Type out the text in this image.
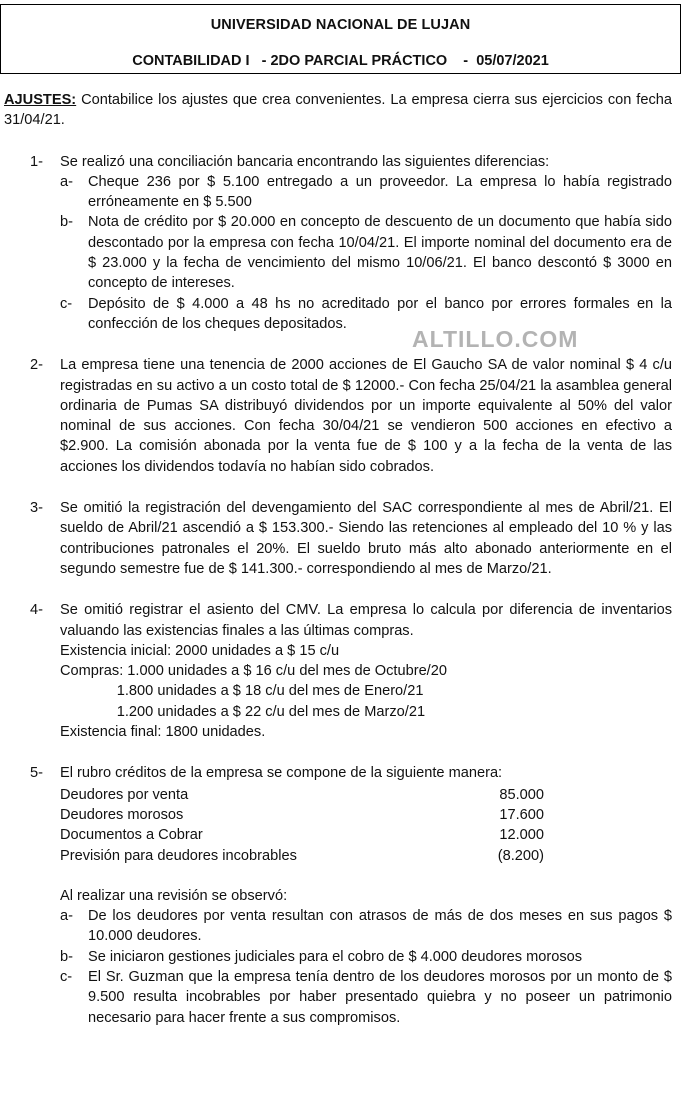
UNIVERSIDAD NACIONAL DE LUJAN
CONTABILIDAD I   - 2DO PARCIAL PRÁCTICO    -  05/07/2021

AJUSTES: Contabilice los ajustes que crea convenientes. La empresa cierra sus ejercicios con fecha 31/04/21.

1- Se realizó una conciliación bancaria encontrando las siguientes diferencias:

a- Cheque 236 por $ 5.100 entregado a un proveedor. La empresa lo había registrado erróneamente en $ 5.500

b- Nota de crédito por $ 20.000 en concepto de descuento de un documento que había sido descontado por la empresa con fecha 10/04/21. El importe nominal del documento era de $ 23.000 y la fecha de vencimiento del mismo 10/06/21. El banco descontó $ 3000 en concepto de intereses.

c- Depósito de $ 4.000 a 48 hs no acreditado por el banco por errores formales en la confección de los cheques depositados.

2- La empresa tiene una tenencia de 2000 acciones de El Gaucho SA de valor nominal $ 4 c/u registradas en su activo a un costo total de $ 12000.- Con fecha 25/04/21 la asamblea general ordinaria de Pumas SA distribuyó dividendos por un importe equivalente al 50% del valor nominal de sus acciones. Con fecha 30/04/21 se vendieron 500 acciones en efectivo a $2.900. La comisión abonada por la venta fue de $ 100 y a la fecha de la venta de las acciones los dividendos todavía no habían sido cobrados.

3- Se omitió la registración del devengamiento del SAC correspondiente al mes de Abril/21. El sueldo de Abril/21 ascendió a $ 153.300.- Siendo las retenciones al empleado del 10 % y las contribuciones patronales el 20%. El sueldo bruto más alto abonado anteriormente en el segundo semestre fue de $ 141.300.- correspondiendo al mes de Marzo/21.

4- Se omitió registrar el asiento del CMV. La empresa lo calcula por diferencia de inventarios valuando las existencias finales a las últimas compras.

Existencia inicial: 2000 unidades a $ 15 c/u
Compras: 1.000 unidades a $ 16 c/u del mes de Octubre/20
1.800 unidades a $ 18 c/u del mes de Enero/21
1.200 unidades a $ 22 c/u del mes de Marzo/21
Existencia final: 1800 unidades.
5- El rubro créditos de la empresa se compone de la siguiente manera:

Deudores por venta	85.000
Deudores morosos	17.600
Documentos a Cobrar	12.000
Previsión para deudores incobrables	(8.200)

Al realizar una revisión se observó:

a- De los deudores por venta resultan con atrasos de más de dos meses en sus pagos $ 10.000 deudores.

b- Se iniciaron gestiones judiciales para el cobro de $ 4.000 deudores morosos

c- El Sr. Guzman que la empresa tenía dentro de los deudores morosos por un monto de $ 9.500 resulta incobrables por haber presentado quiebra y no poseer un patrimonio necesario para hacer frente a sus compromisos.

ALTILLO.COM
